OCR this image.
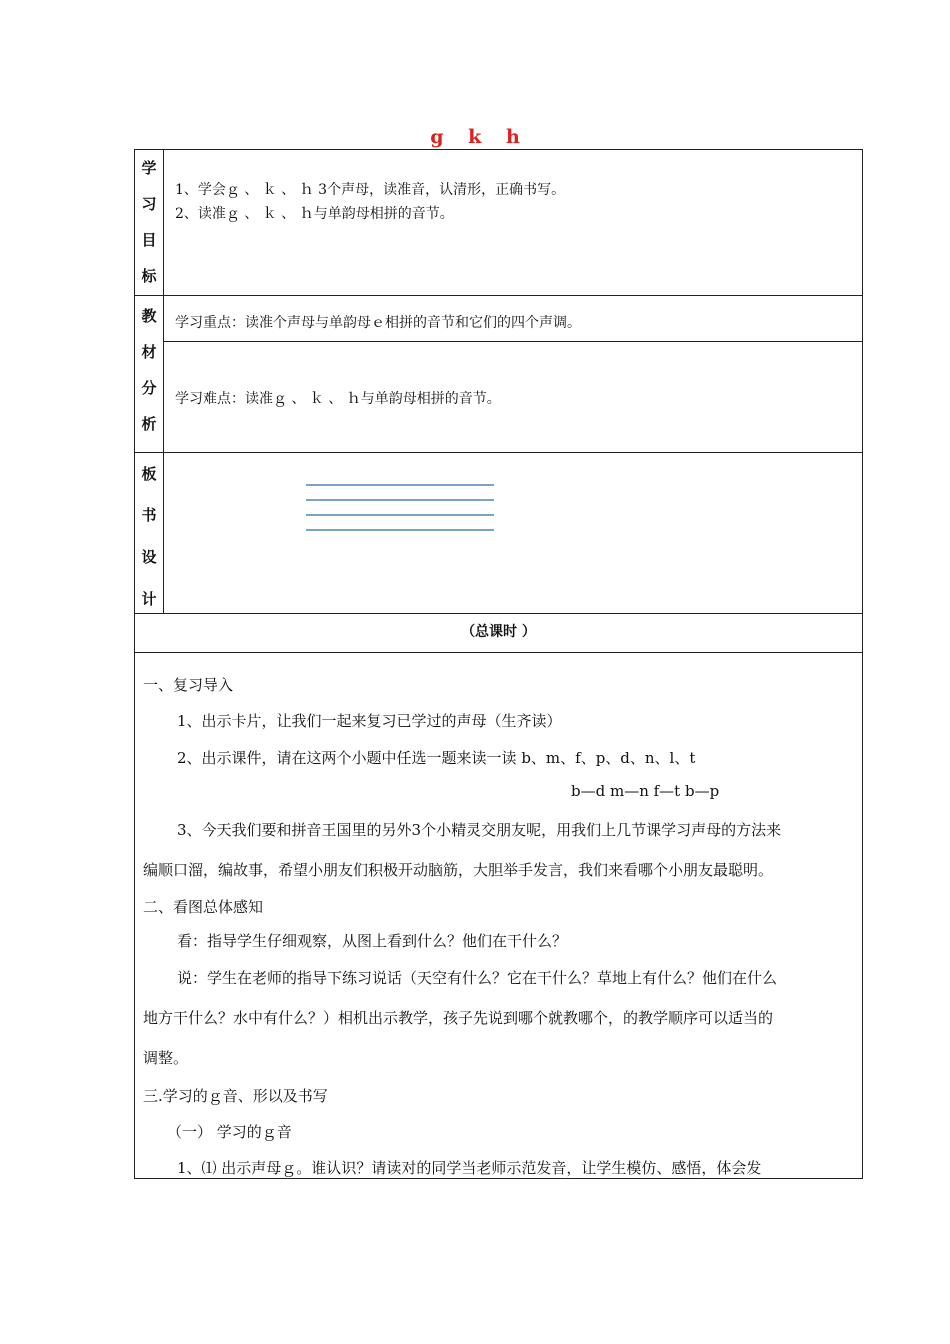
g k h
学
习
目
标
1、学会ｇ 、 ｋ 、 ｈ 3个声母，读准音，认清形，正确书写。
2、读准ｇ 、 ｋ 、 ｈ与单韵母相拼的音节。
教
材
分
析
学习重点：读准个声母与单韵母ｅ相拼的音节和它们的四个声调。
学习难点：读准ｇ 、 ｋ 、 ｈ与单韵母相拼的音节。
板
书
设
计
（总课时 ）
一、复习导入
1、出示卡片，让我们一起来复习已学过的声母（生齐读）
2、出示课件，请在这两个小题中任选一题来读一读 b、m、f、p、d、n、l、t
b—d m—n f—t b—p
3、今天我们要和拼音王国里的另外3个小精灵交朋友呢，用我们上几节课学习声母的方法来
编顺口溜，编故事，希望小朋友们积极开动脑筋，大胆举手发言，我们来看哪个小朋友最聪明。
二、看图总体感知
看：指导学生仔细观察，从图上看到什么？他们在干什么？
说：学生在老师的指导下练习说话（天空有什么？它在干什么？草地上有什么？他们在什么
地方干什么？水中有什么？）相机出示教学，孩子先说到哪个就教哪个，的教学顺序可以适当的
调整。
三.学习的ｇ音、形以及书写
（一） 学习的ｇ音
1、⑴ 出示声母ｇ。谁认识？请读对的同学当老师示范发音，让学生模仿、感悟，体会发
